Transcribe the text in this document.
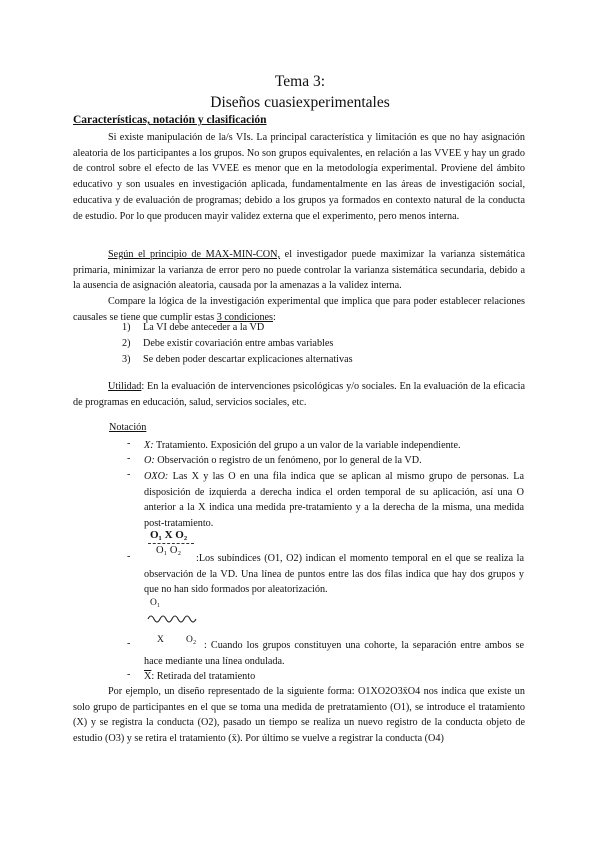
Tema 3:
Diseños cuasiexperimentales
Características, notación y clasificación
Si existe manipulación de la/s VIs. La principal característica y limitación es que no hay asignación aleatoria de los participantes a los grupos. No son grupos equivalentes, en relación a las VVEE y hay un grado de control sobre el efecto de las VVEE es menor que en la metodología experimental. Proviene del ámbito educativo y son usuales en investigación aplicada, fundamentalmente en las áreas de investigación social, educativa y de evaluación de programas; debido a los grupos ya formados en contexto natural de la conducta de estudio. Por lo que producen mayir validez externa que el experimento, pero menos interna.
Según el principio de MAX-MIN-CON, el investigador puede maximizar la varianza sistemática primaria, minimizar la varianza de error pero no puede controlar la varianza sistemática secundaria, debido a la ausencia de asignación aleatoria, causada por la amenazas a la validez interna.
Compare la lógica de la investigación experimental que implica que para poder establecer relaciones causales se tiene que cumplir estas 3 condiciones:
1) La VI debe anteceder a la VD
2) Debe existir covariación entre ambas variables
3) Se deben poder descartar explicaciones alternativas
Utilidad: En la evaluación de intervenciones psicológicas y/o sociales. En la evaluación de la eficacia de programas en educación, salud, servicios sociales, etc.
Notación
- X: Tratamiento. Exposición del grupo a un valor de la variable independiente.
- O: Observación o registro de un fenómeno, por lo general de la VD.
- OXO: Las X y las O en una fila indica que se aplican al mismo grupo de personas. La disposición de izquierda a derecha indica el orden temporal de su aplicación, así una O anterior a la X indica una medida pre-tratamiento y a la derecha de la misma, una medida post-tratamiento.
O₁ X O₂
O₁ O₂
-	:Los subíndices (O1, O2) indican el momento temporal en el que se realiza la observación de la VD. Una línea de puntos entre las dos filas indica que hay dos grupos y que no han sido formados por aleatorización.
O₁
X O₂
-	: Cuando los grupos constituyen una cohorte, la separación entre ambos se hace mediante una línea ondulada.
- $\overline{X}$: Retirada del tratamiento
Por ejemplo, un diseño representado de la siguiente forma: O1XO2O3x̄O4 nos indica que existe un solo grupo de participantes en el que se toma una medida de pretratamiento (O1), se introduce el tratamiento (X) y se registra la conducta (O2), pasado un tiempo se realiza un nuevo registro de la conducta objeto de estudio (O3) y se retira el tratamiento (x̄). Por último se vuelve a registrar la conducta (O4)
